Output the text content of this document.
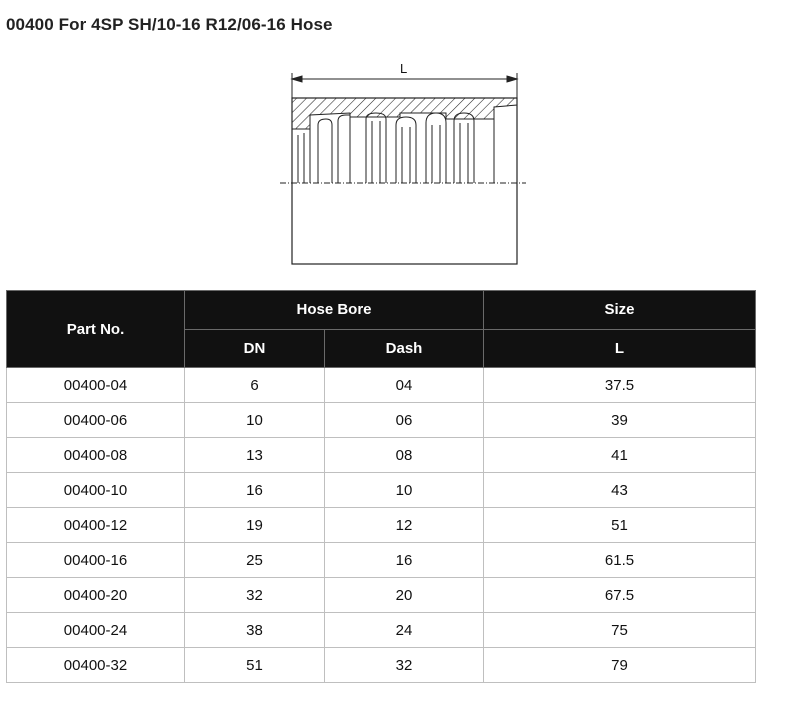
00400 For 4SP SH/10-16 R12/06-16 Hose
L
Part No.	Hose Bore		Size
	DN	Dash	L
00400-04	6	04	37.5
00400-06	10	06	39
00400-08	13	08	41
00400-10	16	10	43
00400-12	19	12	51
00400-16	25	16	61.5
00400-20	32	20	67.5
00400-24	38	24	75
00400-32	51	32	79
